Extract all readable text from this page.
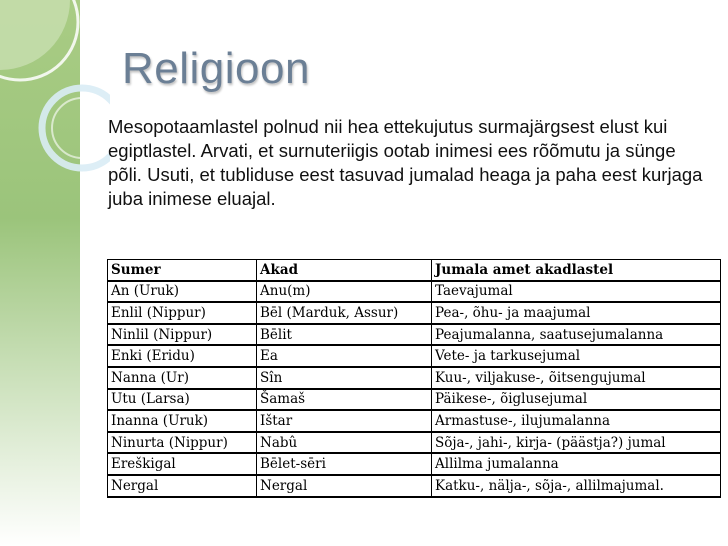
Religioon

Mesopotaamlastel polnud nii hea ettekujutus surmajärgsest elust kui egiptlastel. Arvati, et surnuteriigis ootab inimesi ees rõõmutu ja sünge põli. Usuti, et tubliduse eest tasuvad jumalad heaga ja paha eest kurjaga juba inimese eluajal.

Sumer	Akad	Jumala amet akadlastel
An (Uruk)	Anu(m)	Taevajumal
Enlil (Nippur)	Bēl (Marduk, Assur)	Pea-, õhu- ja maajumal
Ninlil (Nippur)	Bēlit	Peajumalanna, saatusejumalanna
Enki (Eridu)	Ea	Vete- ja tarkusejumal
Nanna (Ur)	Sîn	Kuu-, viljakuse-, õitsengujumal
Utu (Larsa)	Šamaš	Päikese-, õiglusejumal
Inanna (Uruk)	Ištar	Armastuse-, ilujumalanna
Ninurta (Nippur)	Nabû	Sõja-, jahi-, kirja- (päästja?) jumal
Ereškigal	Bēlet-sēri	Allilma jumalanna
Nergal	Nergal	Katku-, nälja-, sõja-, allilmajumal.
